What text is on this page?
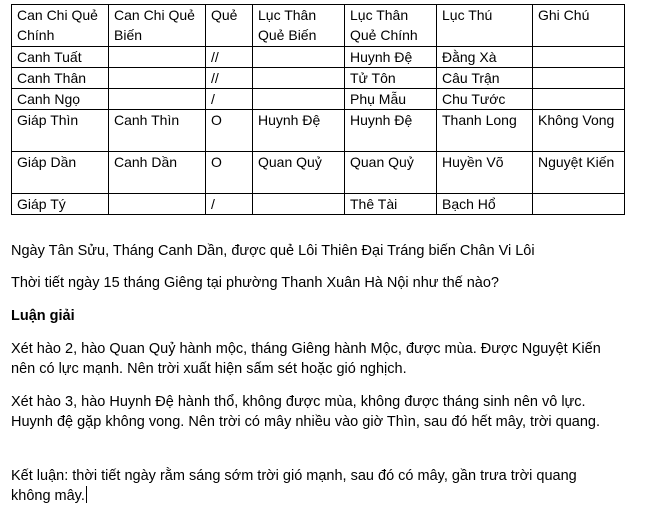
Can Chi Quẻ Chính	Can Chi Quẻ Biến	Quẻ	Lục Thân Quẻ Biến	Lục Thân Quẻ Chính	Lục Thú	Ghi Chú
Canh Tuất		//		Huynh Đệ	Đằng Xà	
Canh Thân		//		Tử Tôn	Câu Trận	
Canh Ngọ		/		Phụ Mẫu	Chu Tước	
Giáp Thìn	Canh Thìn	O	Huynh Đệ	Huynh Đệ	Thanh Long	Không Vong
Giáp Dần	Canh Dần	O	Quan Quỷ	Quan Quỷ	Huyền Võ	Nguyệt Kiến
Giáp Tý		/		Thê Tài	Bạch Hổ	

Ngày Tân Sửu, Tháng Canh Dần, được quẻ Lôi Thiên Đại Tráng biến Chân Vi Lôi

Thời tiết ngày 15 tháng Giêng tại phường Thanh Xuân Hà Nội như thế nào?

Luận giải

Xét hào 2, hào Quan Quỷ hành mộc, tháng Giêng hành Mộc, được mùa. Được Nguyệt Kiến nên có lực mạnh. Nên trời xuất hiện sấm sét hoặc gió nghịch.

Xét hào 3, hào Huynh Đệ hành thổ, không được mùa, không được tháng sinh nên vô lực. Huynh đệ gặp không vong. Nên trời có mây nhiều vào giờ Thìn, sau đó hết mây, trời quang.

Kết luận: thời tiết ngày rằm sáng sớm trời gió mạnh, sau đó có mây, gần trưa trời quang không mây.
